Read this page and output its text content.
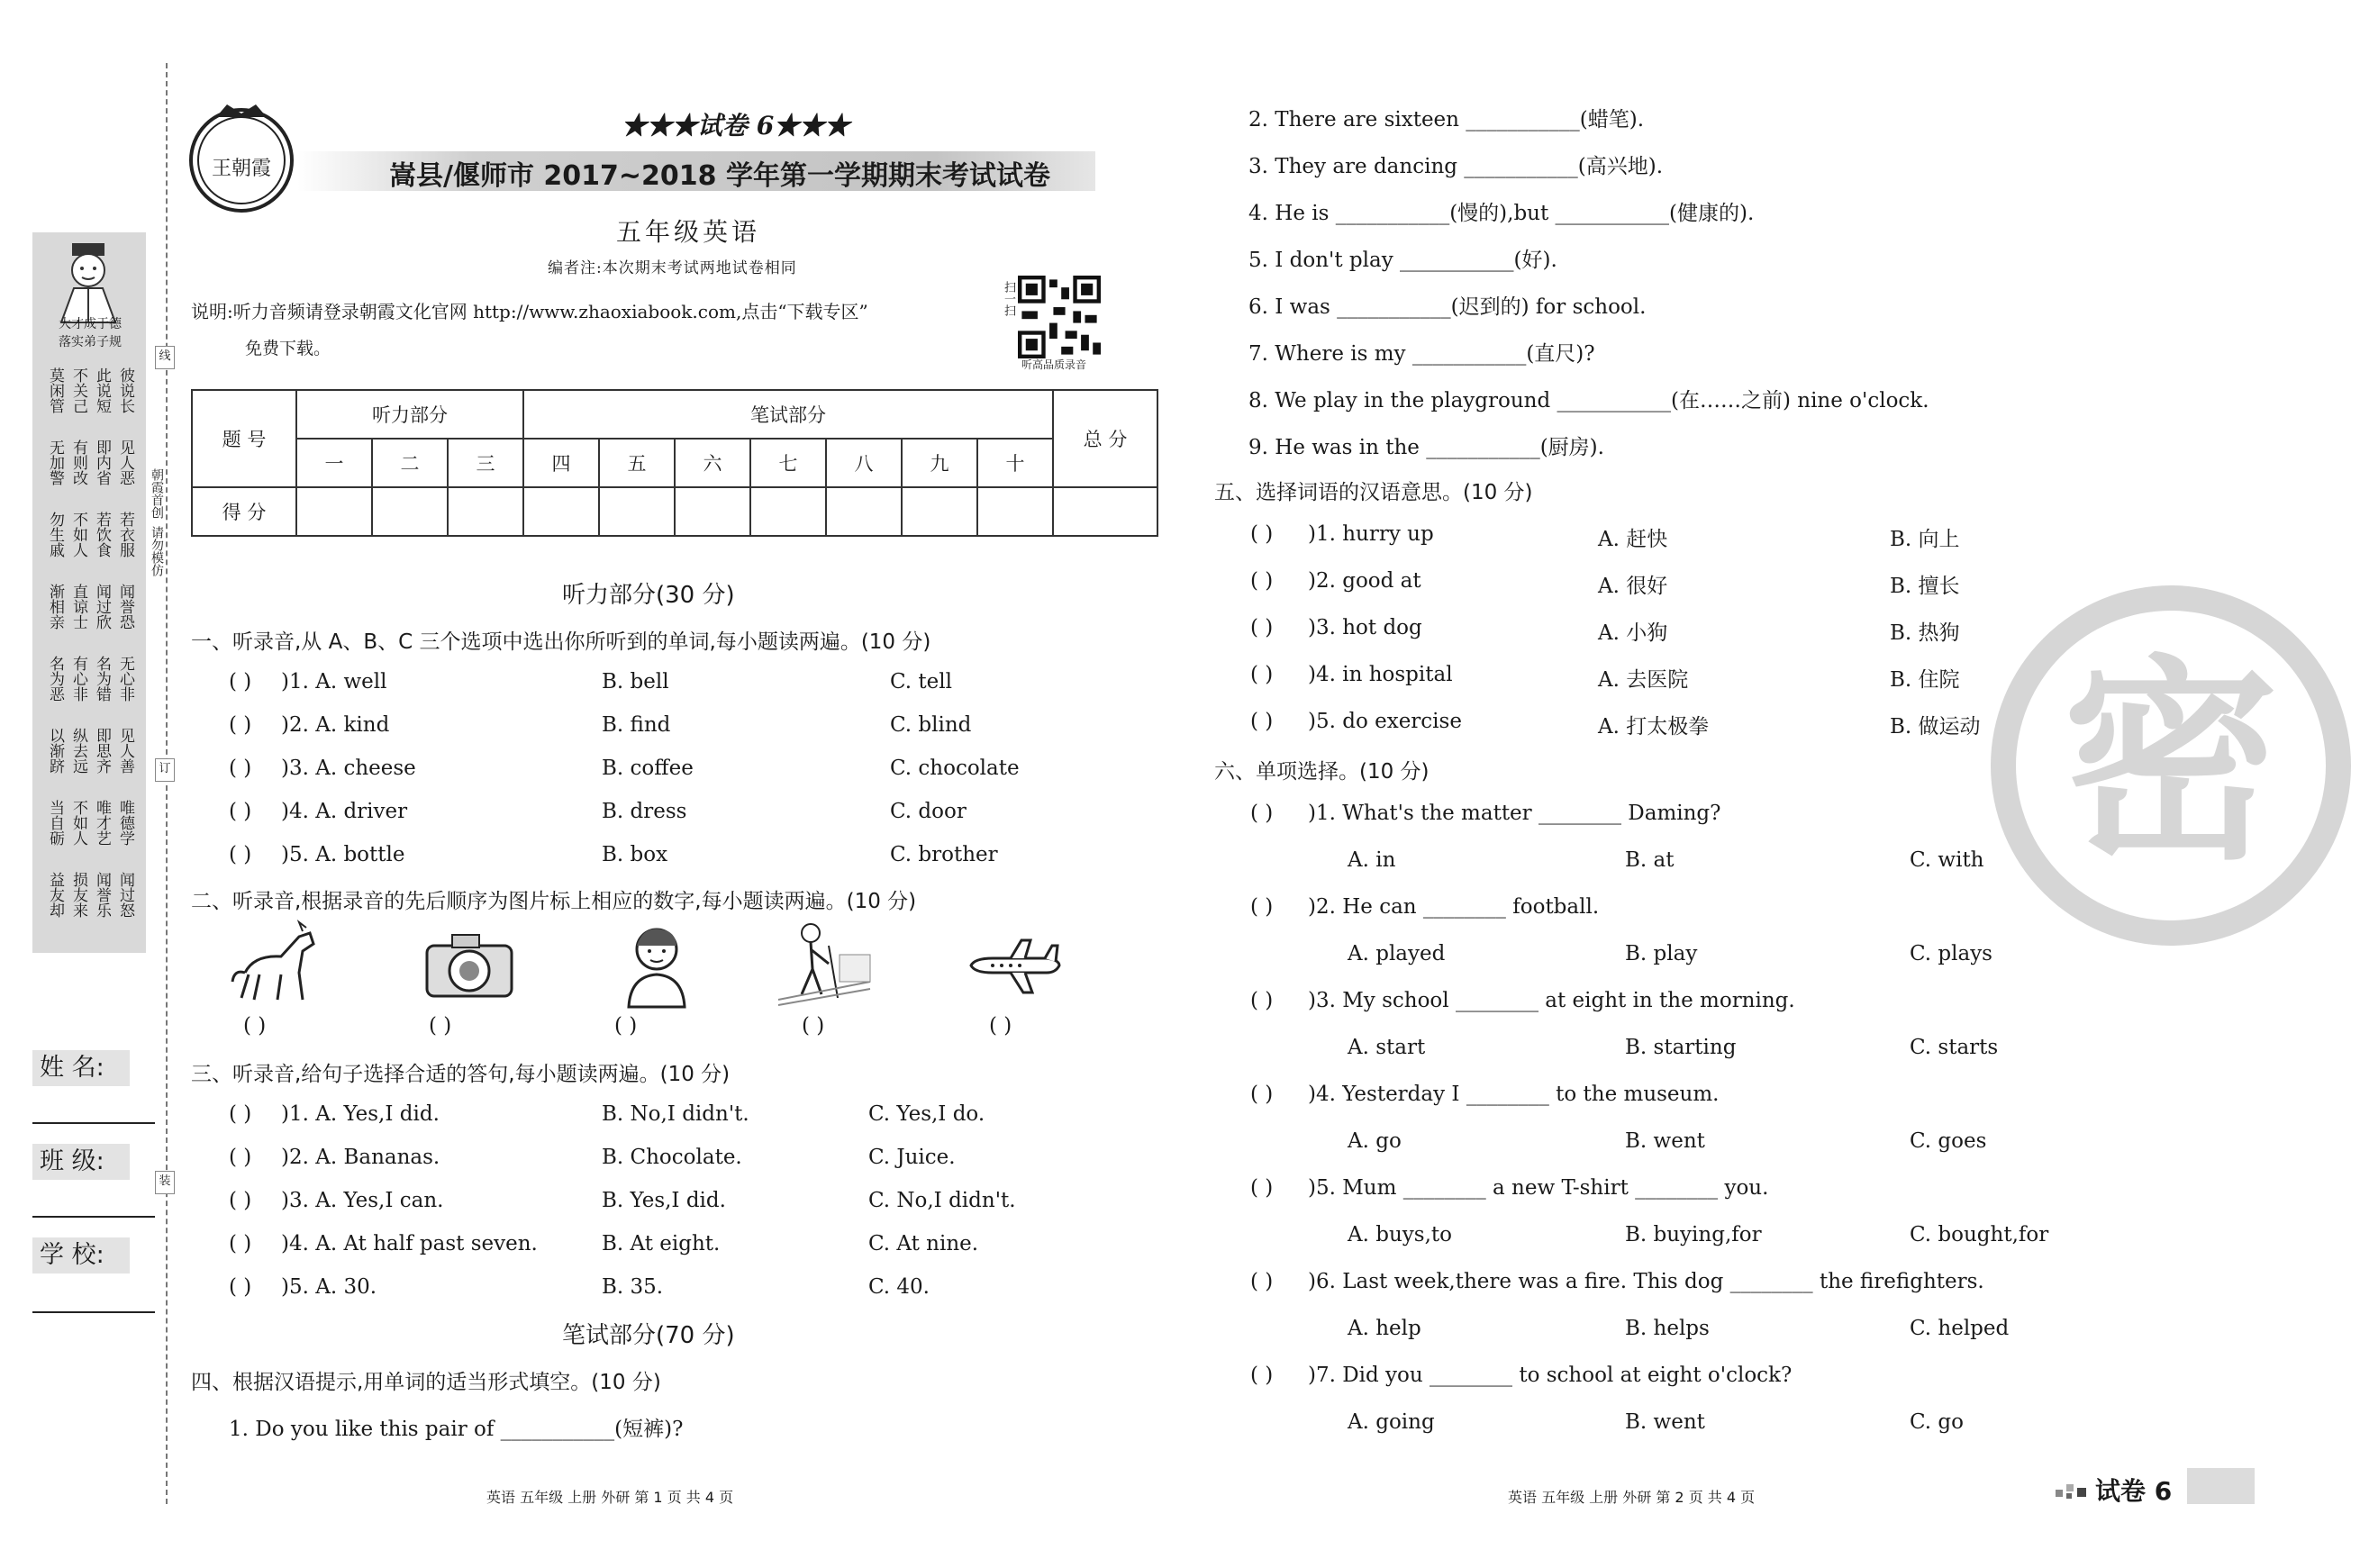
大才成于德
落实弟子规
莫闲管 不关己 此说短 彼说长
无加警 有则改 即内省 见人恶
勿生戚 不如人 若饮食 若衣服
渐相亲 直谅士 闻过欣 闻誉恐
名为恶 有心非 名为错 无心非
以渐跻 纵去远 即思齐 见人善
当自砺 不如人 唯才艺 唯德学
益友却 损友来 闻誉乐 闻过怒
朝霞首创
请勿模仿
线
订
装
姓 名:
班 级:
学 校:
王朝霞
★★★试卷 6★★★
嵩县/偃师市 2017~2018 学年第一学期期末考试试卷
五年级英语
编者注:本次期末考试两地试卷相同
说明:听力音频请登录朝霞文化官网 http://www.zhaoxiabook.com,点击“下载专区”
免费下载。
扫一扫
听高品质录音
题 号	听力部分			笔试部分							总 分
	一	二	三	四	五	六	七	八	九	十	
得 分											
听力部分(30 分)
一、听录音,从 A、B、C 三个选项中选出你所听到的单词,每小题读两遍。(10 分)
( ) )1. A. well	B. bell	C. tell
( ) )2. A. kind	B. find	C. blind
( ) )3. A. cheese	B. coffee	C. chocolate
( ) )4. A. driver	B. dress	C. door
( ) )5. A. bottle	B. box	C. brother
二、听录音,根据录音的先后顺序为图片标上相应的数字,每小题读两遍。(10 分)
( )	( )	( )	( )	( )
三、听录音,给句子选择合适的答句,每小题读两遍。(10 分)
( ) )1. A. Yes,I did.	B. No,I didn't.	C. Yes,I do.
( ) )2. A. Bananas.	B. Chocolate.	C. Juice.
( ) )3. A. Yes,I can.	B. Yes,I did.	C. No,I didn't.
( ) )4. A. At half past seven.	B. At eight.	C. At nine.
( ) )5. A. 30.	B. 35.	C. 40.
笔试部分(70 分)
四、根据汉语提示,用单词的适当形式填空。(10 分)
1. Do you like this pair of ___________(短裤)?
英语 五年级 上册 外研 第 1 页 共 4 页
密
2. There are sixteen ___________(蜡笔).
3. They are dancing ___________(高兴地).
4. He is ___________(慢的),but ___________(健康的).
5. I don't play ___________(好).
6. I was ___________(迟到的) for school.
7. Where is my ___________(直尺)?
8. We play in the playground ___________(在……之前) nine o'clock.
9. He was in the ___________(厨房).
五、选择词语的汉语意思。(10 分)
( ) )1. hurry up	A. 赶快	B. 向上
( ) )2. good at	A. 很好	B. 擅长
( ) )3. hot dog	A. 小狗	B. 热狗
( ) )4. in hospital	A. 去医院	B. 住院
( ) )5. do exercise	A. 打太极拳	B. 做运动
六、单项选择。(10 分)
( ) )1. What's the matter ________ Daming?
A. in	B. at	C. with
( ) )2. He can ________ football.
A. played	B. play	C. plays
( ) )3. My school ________ at eight in the morning.
A. start	B. starting	C. starts
( ) )4. Yesterday I ________ to the museum.
A. go	B. went	C. goes
( ) )5. Mum ________ a new T-shirt ________ you.
A. buys,to	B. buying,for	C. bought,for
( ) )6. Last week,there was a fire. This dog ________ the firefighters.
A. help	B. helps	C. helped
( ) )7. Did you ________ to school at eight o'clock?
A. going	B. went	C. go
英语 五年级 上册 外研 第 2 页 共 4 页	试卷 6
